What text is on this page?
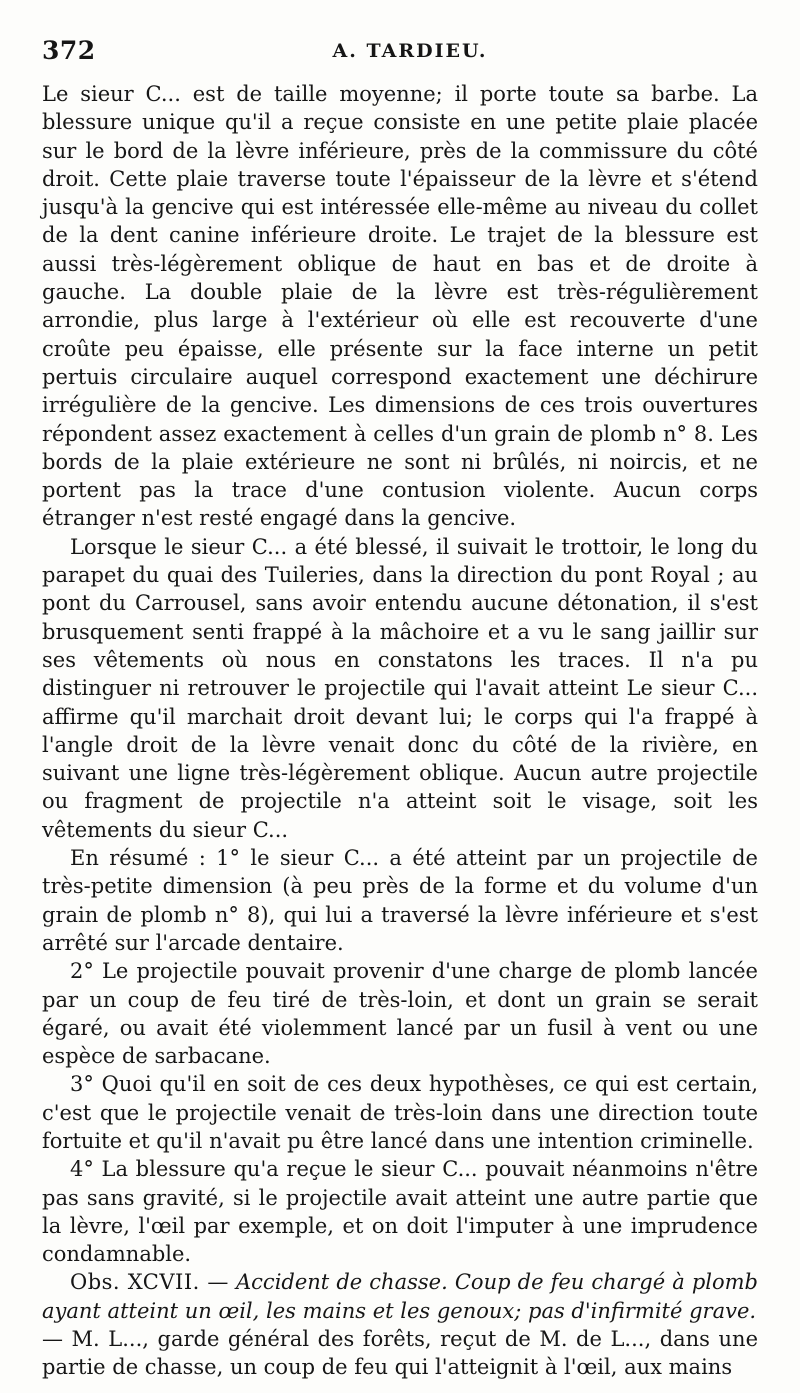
372	A. TARDIEU.

Le sieur C... est de taille moyenne; il porte toute sa barbe. La blessure unique qu'il a reçue consiste en une petite plaie placée sur le bord de la lèvre inférieure, près de la commissure du côté droit. Cette plaie traverse toute l'épaisseur de la lèvre et s'étend jusqu'à la gencive qui est intéressée elle-même au niveau du collet de la dent canine inférieure droite. Le trajet de la blessure est aussi très-légèrement oblique de haut en bas et de droite à gauche. La double plaie de la lèvre est très-régulièrement arrondie, plus large à l'extérieur où elle est recouverte d'une croûte peu épaisse, elle présente sur la face interne un petit pertuis circulaire auquel correspond exactement une déchirure irrégulière de la gencive. Les dimensions de ces trois ouvertures répondent assez exactement à celles d'un grain de plomb n° 8. Les bords de la plaie extérieure ne sont ni brûlés, ni noircis, et ne portent pas la trace d'une contusion violente. Aucun corps étranger n'est resté engagé dans la gencive.

Lorsque le sieur C... a été blessé, il suivait le trottoir, le long du parapet du quai des Tuileries, dans la direction du pont Royal ; au pont du Carrousel, sans avoir entendu aucune détonation, il s'est brusquement senti frappé à la mâchoire et a vu le sang jaillir sur ses vêtements où nous en constatons les traces. Il n'a pu distinguer ni retrouver le projectile qui l'avait atteint Le sieur C... affirme qu'il marchait droit devant lui; le corps qui l'a frappé à l'angle droit de la lèvre venait donc du côté de la rivière, en suivant une ligne très-légèrement oblique. Aucun autre projectile ou fragment de projectile n'a atteint soit le visage, soit les vêtements du sieur C...

En résumé : 1° le sieur C... a été atteint par un projectile de très-petite dimension (à peu près de la forme et du volume d'un grain de plomb n° 8), qui lui a traversé la lèvre inférieure et s'est arrêté sur l'arcade dentaire.

2° Le projectile pouvait provenir d'une charge de plomb lancée par un coup de feu tiré de très-loin, et dont un grain se serait égaré, ou avait été violemment lancé par un fusil à vent ou une espèce de sarbacane.

3° Quoi qu'il en soit de ces deux hypothèses, ce qui est certain, c'est que le projectile venait de très-loin dans une direction toute fortuite et qu'il n'avait pu être lancé dans une intention criminelle.

4° La blessure qu'a reçue le sieur C... pouvait néanmoins n'être pas sans gravité, si le projectile avait atteint une autre partie que la lèvre, l'œil par exemple, et on doit l'imputer à une imprudence condamnable.

Obs. XCVII. — Accident de chasse. Coup de feu chargé à plomb ayant atteint un œil, les mains et les genoux; pas d'infirmité grave.

— M. L..., garde général des forêts, reçut de M. de L..., dans une partie de chasse, un coup de feu qui l'atteignit à l'œil, aux mains
